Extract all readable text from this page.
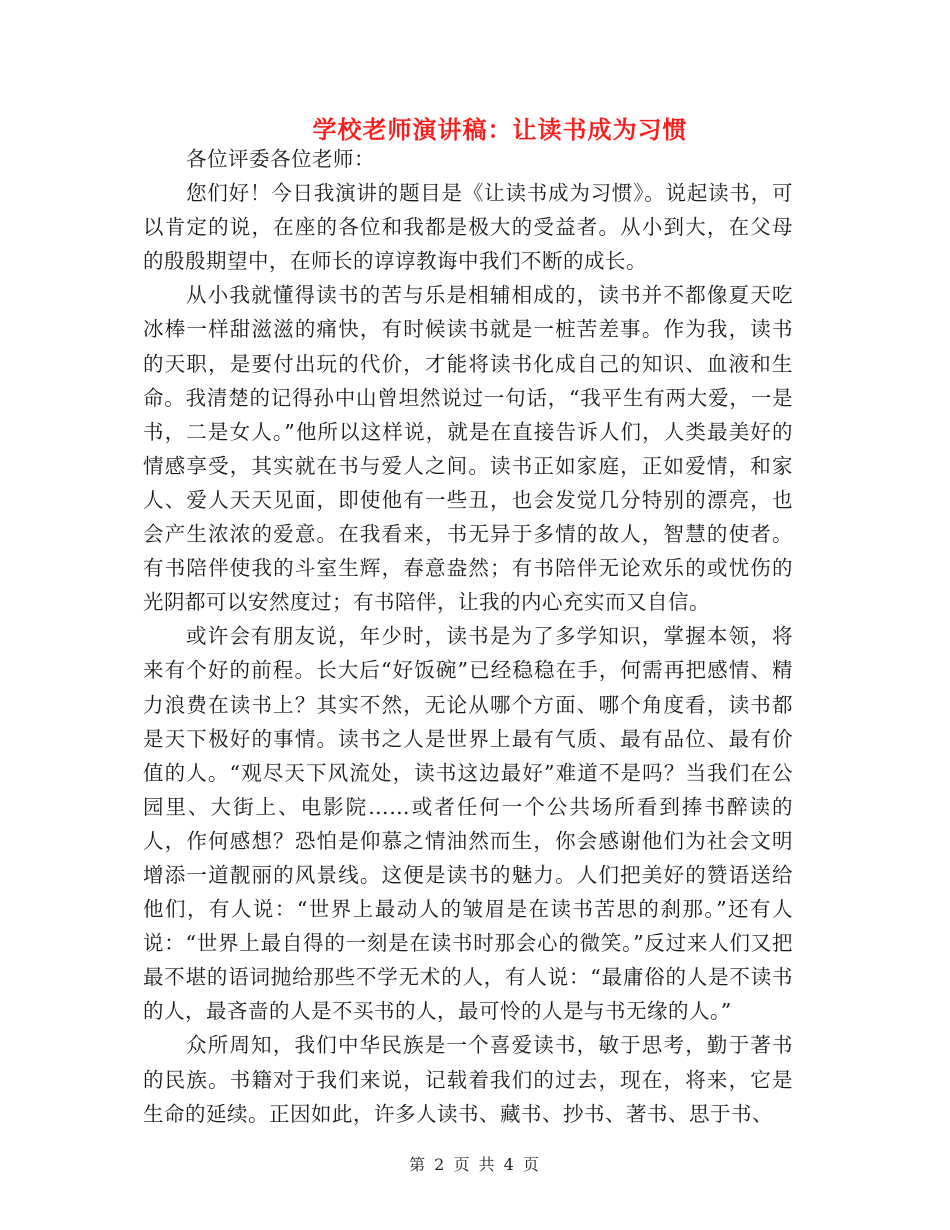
学校老师演讲稿：让读书成为习惯

各位评委各位老师：

您们好！今日我演讲的题目是《让读书成为习惯》。说起读书，可以肯定的说，在座的各位和我都是极大的受益者。从小到大，在父母的殷殷期望中，在师长的谆谆教诲中我们不断的成长。

从小我就懂得读书的苦与乐是相辅相成的，读书并不都像夏天吃冰棒一样甜滋滋的痛快，有时候读书就是一桩苦差事。作为我，读书的天职，是要付出玩的代价，才能将读书化成自己的知识、血液和生命。我清楚的记得孙中山曾坦然说过一句话，“我平生有两大爱，一是书，二是女人。”他所以这样说，就是在直接告诉人们，人类最美好的情感享受，其实就在书与爱人之间。读书正如家庭，正如爱情，和家人、爱人天天见面，即使他有一些丑，也会发觉几分特别的漂亮，也会产生浓浓的爱意。在我看来，书无异于多情的故人，智慧的使者。有书陪伴使我的斗室生辉，春意盎然；有书陪伴无论欢乐的或忧伤的光阴都可以安然度过；有书陪伴，让我的内心充实而又自信。

或许会有朋友说，年少时，读书是为了多学知识，掌握本领，将来有个好的前程。长大后“好饭碗”已经稳稳在手，何需再把感情、精力浪费在读书上？其实不然，无论从哪个方面、哪个角度看，读书都是天下极好的事情。读书之人是世界上最有气质、最有品位、最有价值的人。“观尽天下风流处，读书这边最好”难道不是吗？当我们在公园里、大街上、电影院……或者任何一个公共场所看到捧书醉读的人，作何感想？恐怕是仰慕之情油然而生，你会感谢他们为社会文明增添一道靓丽的风景线。这便是读书的魅力。人们把美好的赞语送给他们，有人说：“世界上最动人的皱眉是在读书苦思的刹那。”还有人说：“世界上最自得的一刻是在读书时那会心的微笑。”反过来人们又把最不堪的语词抛给那些不学无术的人，有人说：“最庸俗的人是不读书的人，最吝啬的人是不买书的人，最可怜的人是与书无缘的人。”

众所周知，我们中华民族是一个喜爱读书，敏于思考，勤于著书的民族。书籍对于我们来说，记载着我们的过去，现在，将来，它是生命的延续。正因如此，许多人读书、藏书、抄书、著书、思于书、

第 2 页 共 4 页
